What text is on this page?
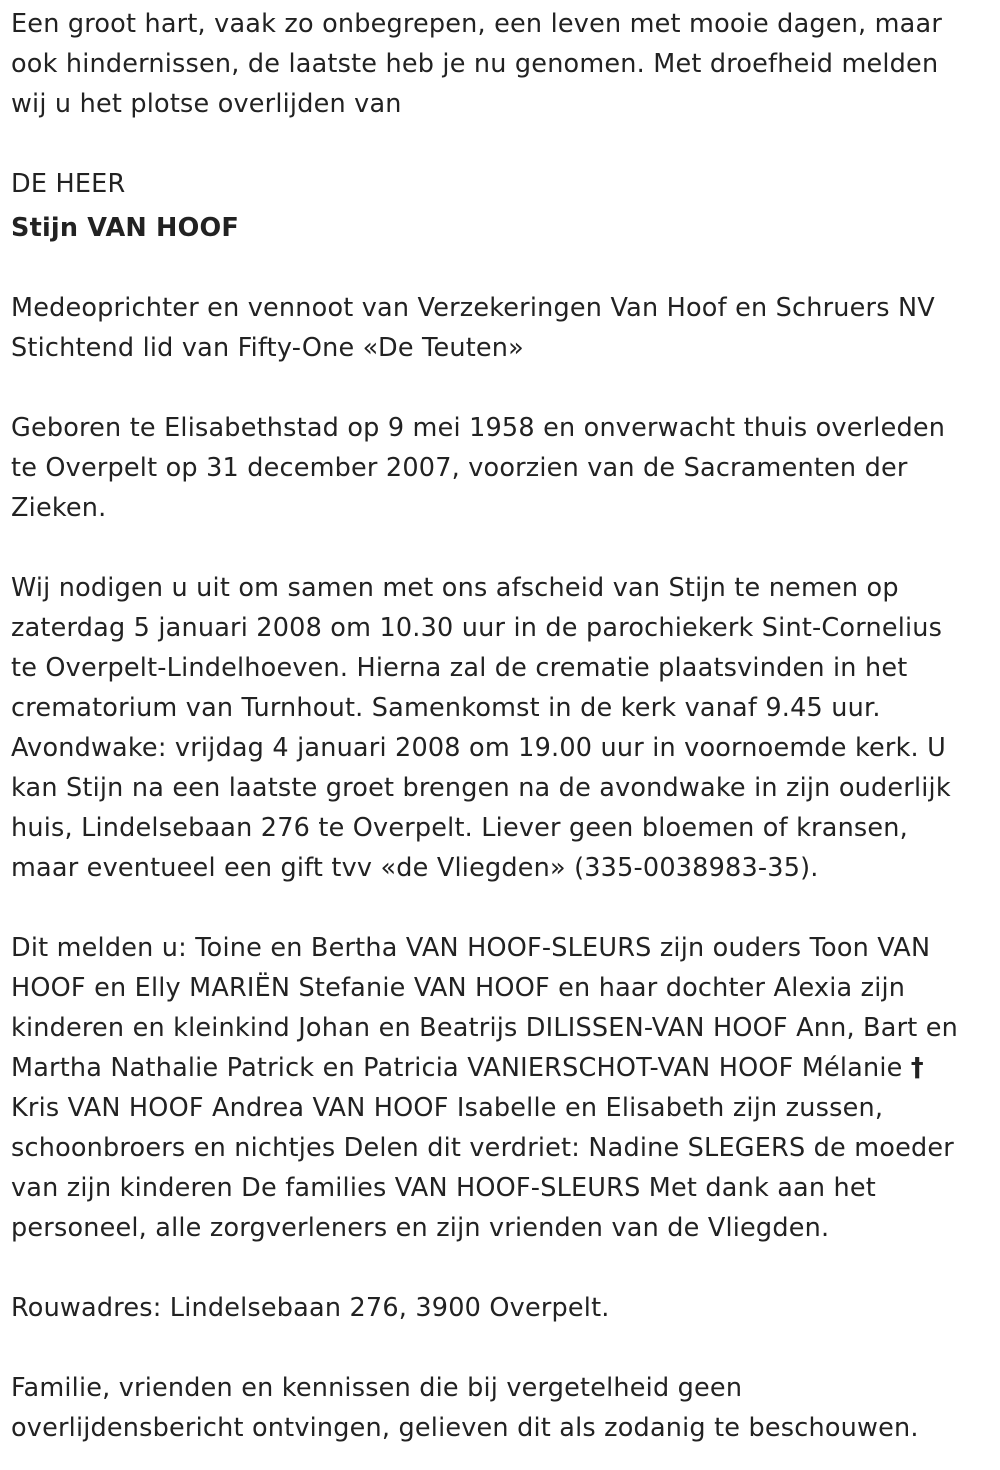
Een groot hart, vaak zo onbegrepen, een leven met mooie dagen, maar
ook hindernissen, de laatste heb je nu genomen. Met droefheid melden
wij u het plotse overlijden van

DE HEER

Stijn VAN HOOF

Medeoprichter en vennoot van Verzekeringen Van Hoof en Schruers NV
Stichtend lid van Fifty-One «De Teuten»

Geboren te Elisabethstad op 9 mei 1958 en onverwacht thuis overleden
te Overpelt op 31 december 2007, voorzien van de Sacramenten der
Zieken.

Wij nodigen u uit om samen met ons afscheid van Stijn te nemen op
zaterdag 5 januari 2008 om 10.30 uur in de parochiekerk Sint-Cornelius
te Overpelt-Lindelhoeven. Hierna zal de crematie plaatsvinden in het
crematorium van Turnhout. Samenkomst in de kerk vanaf 9.45 uur.
Avondwake: vrijdag 4 januari 2008 om 19.00 uur in voornoemde kerk. U
kan Stijn na een laatste groet brengen na de avondwake in zijn ouderlijk
huis, Lindelsebaan 276 te Overpelt. Liever geen bloemen of kransen,
maar eventueel een gift tvv «de Vliegden» (335-0038983-35).

Dit melden u: Toine en Bertha VAN HOOF-SLEURS zijn ouders Toon VAN
HOOF en Elly MARIËN Stefanie VAN HOOF en haar dochter Alexia zijn
kinderen en kleinkind Johan en Beatrijs DILISSEN-VAN HOOF Ann, Bart en
Martha Nathalie Patrick en Patricia VANIERSCHOT-VAN HOOF Mélanie †
Kris VAN HOOF Andrea VAN HOOF Isabelle en Elisabeth zijn zussen,
schoonbroers en nichtjes Delen dit verdriet: Nadine SLEGERS de moeder
van zijn kinderen De families VAN HOOF-SLEURS Met dank aan het
personeel, alle zorgverleners en zijn vrienden van de Vliegden.

Rouwadres: Lindelsebaan 276, 3900 Overpelt.

Familie, vrienden en kennissen die bij vergetelheid geen
overlijdensbericht ontvingen, gelieven dit als zodanig te beschouwen.
